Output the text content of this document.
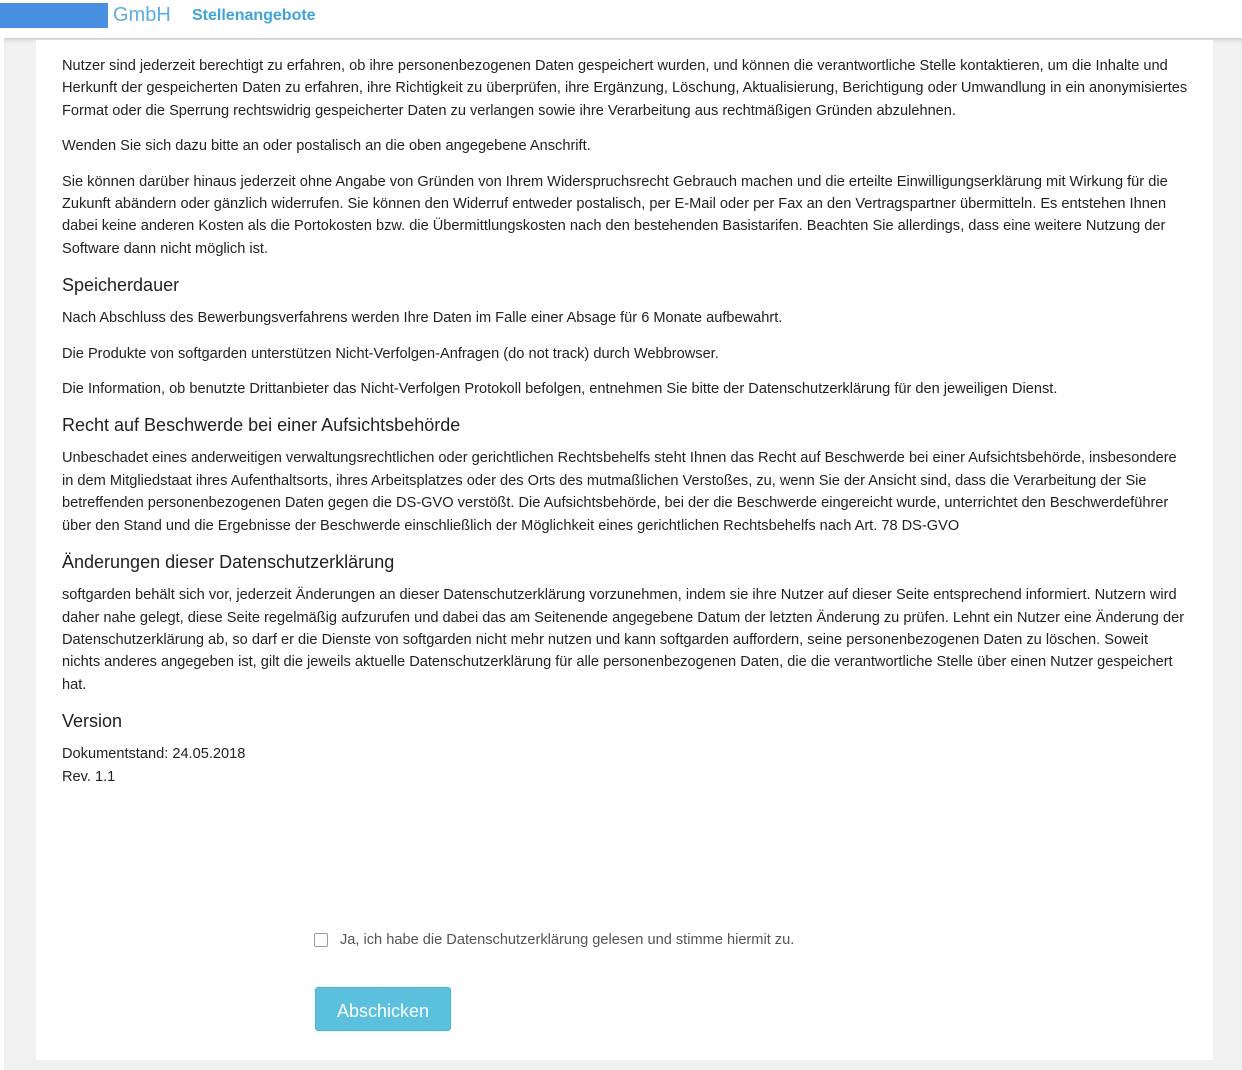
GmbH Stellenangebote

Nutzer sind jederzeit berechtigt zu erfahren, ob ihre personenbezogenen Daten gespeichert wurden, und können die verantwortliche Stelle kontaktieren, um die Inhalte und Herkunft der gespeicherten Daten zu erfahren, ihre Richtigkeit zu überprüfen, ihre Ergänzung, Löschung, Aktualisierung, Berichtigung oder Umwandlung in ein anonymisiertes Format oder die Sperrung rechtswidrig gespeicherter Daten zu verlangen sowie ihre Verarbeitung aus rechtmäßigen Gründen abzulehnen.

Wenden Sie sich dazu bitte an oder postalisch an die oben angegebene Anschrift.

Sie können darüber hinaus jederzeit ohne Angabe von Gründen von Ihrem Widerspruchsrecht Gebrauch machen und die erteilte Einwilligungserklärung mit Wirkung für die Zukunft abändern oder gänzlich widerrufen. Sie können den Widerruf entweder postalisch, per E-Mail oder per Fax an den Vertragspartner übermitteln. Es entstehen Ihnen dabei keine anderen Kosten als die Portokosten bzw. die Übermittlungskosten nach den bestehenden Basistarifen. Beachten Sie allerdings, dass eine weitere Nutzung der Software dann nicht möglich ist.

Speicherdauer

Nach Abschluss des Bewerbungsverfahrens werden Ihre Daten im Falle einer Absage für 6 Monate aufbewahrt.

Die Produkte von softgarden unterstützen Nicht-Verfolgen-Anfragen (do not track) durch Webbrowser.

Die Information, ob benutzte Drittanbieter das Nicht-Verfolgen Protokoll befolgen, entnehmen Sie bitte der Datenschutzerklärung für den jeweiligen Dienst.

Recht auf Beschwerde bei einer Aufsichtsbehörde

Unbeschadet eines anderweitigen verwaltungsrechtlichen oder gerichtlichen Rechtsbehelfs steht Ihnen das Recht auf Beschwerde bei einer Aufsichtsbehörde, insbesondere in dem Mitgliedstaat ihres Aufenthaltsorts, ihres Arbeitsplatzes oder des Orts des mutmaßlichen Verstoßes, zu, wenn Sie der Ansicht sind, dass die Verarbeitung der Sie betreffenden personenbezogenen Daten gegen die DS-GVO verstößt. Die Aufsichtsbehörde, bei der die Beschwerde eingereicht wurde, unterrichtet den Beschwerdeführer über den Stand und die Ergebnisse der Beschwerde einschließlich der Möglichkeit eines gerichtlichen Rechtsbehelfs nach Art. 78 DS-GVO

Änderungen dieser Datenschutzerklärung

softgarden behält sich vor, jederzeit Änderungen an dieser Datenschutzerklärung vorzunehmen, indem sie ihre Nutzer auf dieser Seite entsprechend informiert. Nutzern wird daher nahe gelegt, diese Seite regelmäßig aufzurufen und dabei das am Seitenende angegebene Datum der letzten Änderung zu prüfen. Lehnt ein Nutzer eine Änderung der Datenschutzerklärung ab, so darf er die Dienste von softgarden nicht mehr nutzen und kann softgarden auffordern, seine personenbezogenen Daten zu löschen. Soweit nichts anderes angegeben ist, gilt die jeweils aktuelle Datenschutzerklärung für alle personenbezogenen Daten, die die verantwortliche Stelle über einen Nutzer gespeichert hat.

Version

Dokumentstand: 24.05.2018
Rev. 1.1

Ja, ich habe die Datenschutzerklärung gelesen und stimme hiermit zu.
Abschicken
